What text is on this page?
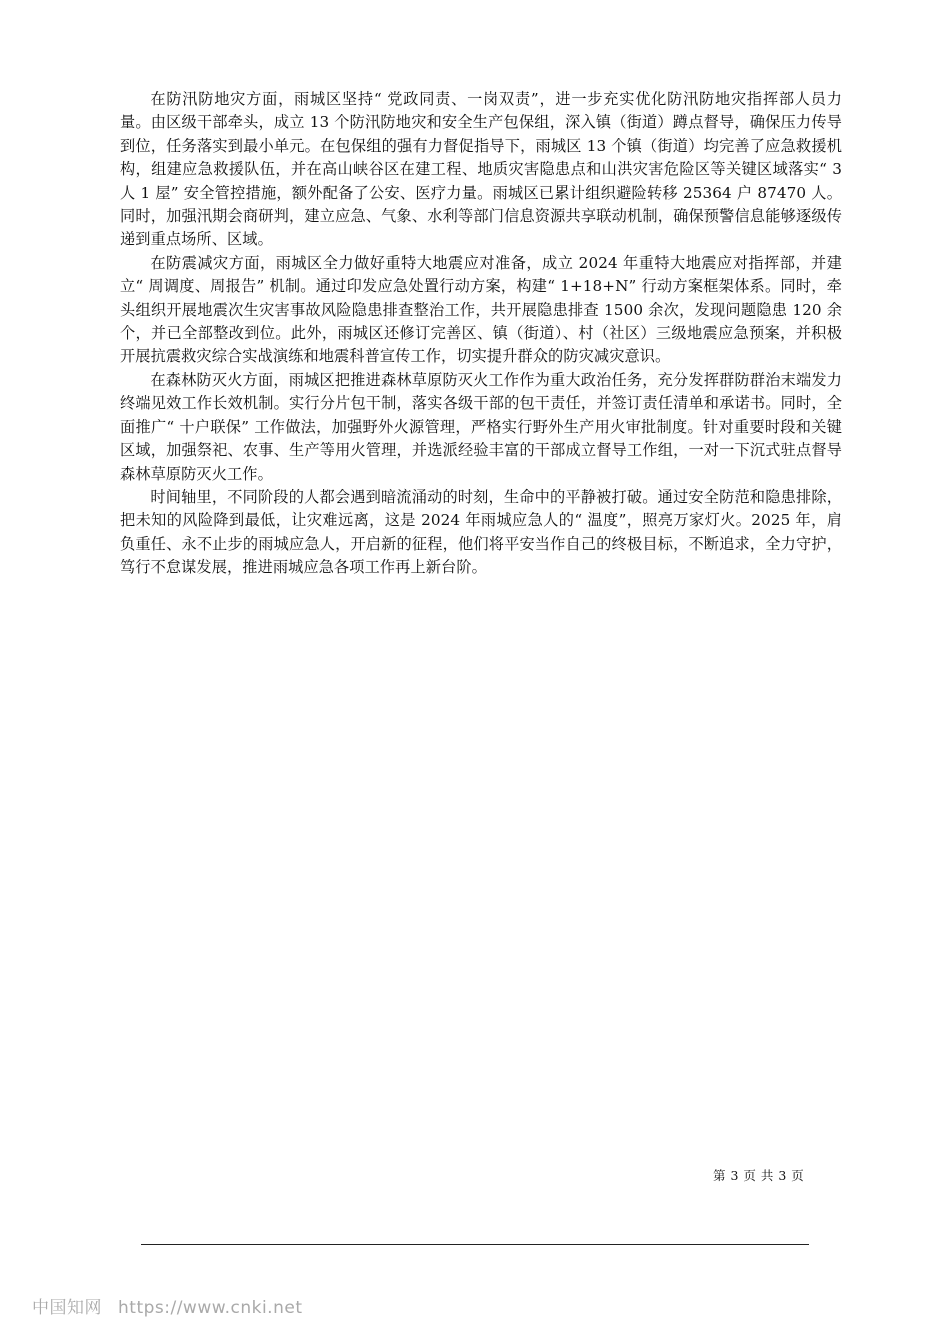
在防汛防地灾方面，雨城区坚持“ 党政同责、一岗双责”，进一步充实优化防汛防地灾指挥部人员力量。由区级干部牵头，成立 13 个防汛防地灾和安全生产包保组，深入镇（街道）蹲点督导，确保压力传导到位，任务落实到最小单元。在包保组的强有力督促指导下，雨城区 13 个镇（街道）均完善了应急救援机构，组建应急救援队伍，并在高山峡谷区在建工程、地质灾害隐患点和山洪灾害危险区等关键区域落实“ 3 人 1 屋” 安全管控措施，额外配备了公安、医疗力量。雨城区已累计组织避险转移 25364 户 87470 人。同时，加强汛期会商研判，建立应急、气象、水利等部门信息资源共享联动机制，确保预警信息能够逐级传递到重点场所、区域。

在防震减灾方面，雨城区全力做好重特大地震应对准备，成立 2024 年重特大地震应对指挥部，并建立“ 周调度、周报告” 机制。通过印发应急处置行动方案，构建“ 1+18+N” 行动方案框架体系。同时，牵头组织开展地震次生灾害事故风险隐患排查整治工作，共开展隐患排查 1500 余次，发现问题隐患 120 余个，并已全部整改到位。此外，雨城区还修订完善区、镇（街道）、村（社区）三级地震应急预案，并积极开展抗震救灾综合实战演练和地震科普宣传工作，切实提升群众的防灾减灾意识。

在森林防灭火方面，雨城区把推进森林草原防灭火工作作为重大政治任务，充分发挥群防群治末端发力终端见效工作长效机制。实行分片包干制，落实各级干部的包干责任，并签订责任清单和承诺书。同时，全面推广“ 十户联保” 工作做法，加强野外火源管理，严格实行野外生产用火审批制度。针对重要时段和关键区域，加强祭祀、农事、生产等用火管理，并选派经验丰富的干部成立督导工作组，一对一下沉式驻点督导森林草原防灭火工作。

时间轴里，不同阶段的人都会遇到暗流涌动的时刻，生命中的平静被打破。通过安全防范和隐患排除，把未知的风险降到最低，让灾难远离，这是 2024 年雨城应急人的“ 温度”，照亮万家灯火。2025 年，肩负重任、永不止步的雨城应急人，开启新的征程，他们将平安当作自己的终极目标，不断追求，全力守护，笃行不怠谋发展，推进雨城应急各项工作再上新台阶。

第 3 页 共 3 页
中国知网 https://www.cnki.net
